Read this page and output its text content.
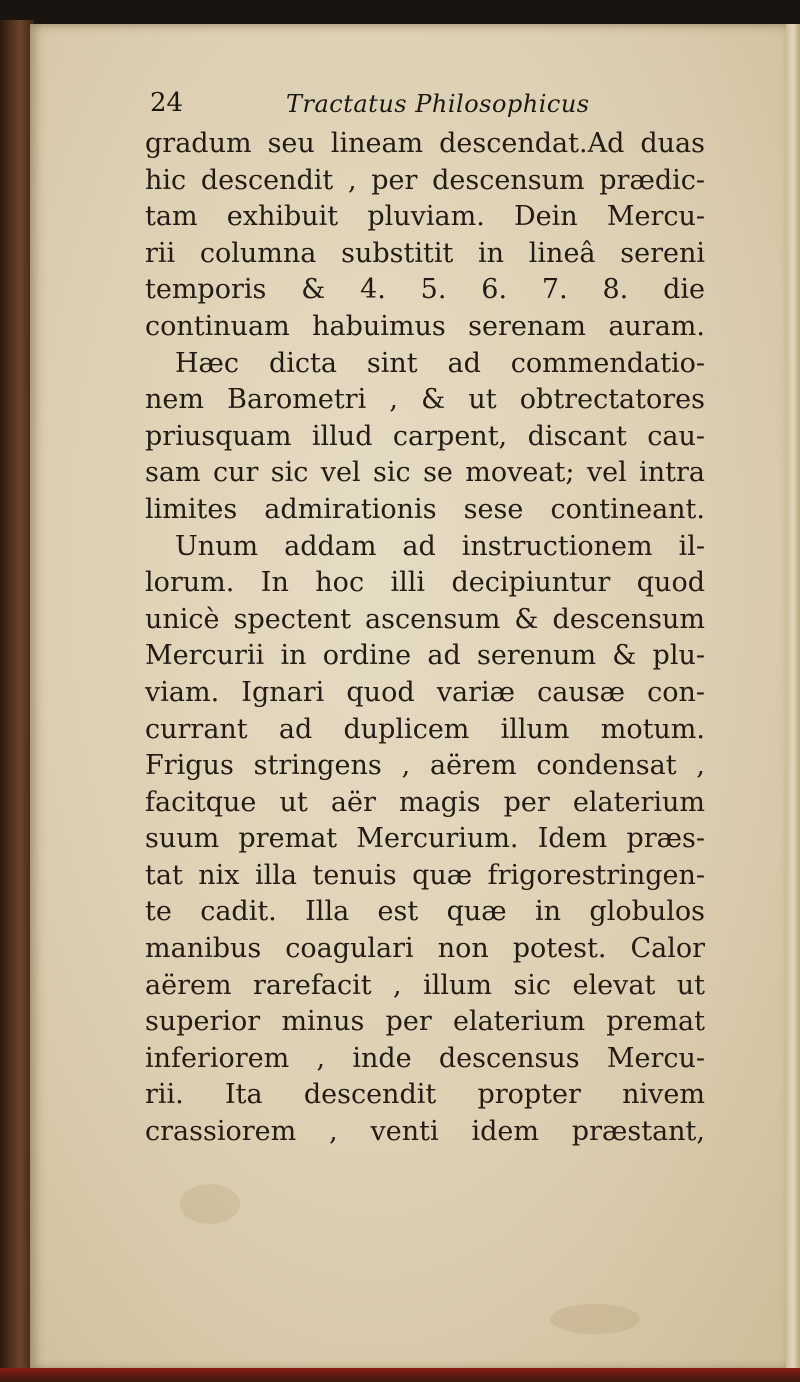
24	Tractatus Philosophicus
gradum seu lineam descendat.Ad duas
hic descendit , per descensum prædic-
tam exhibuit pluviam. Dein Mercu-
rii columna substitit in lineâ sereni
temporis & 4. 5. 6. 7. 8. die
continuam habuimus serenam auram.
Hæc dicta sint ad commendatio-
nem Barometri , & ut obtrectatores
priusquam illud carpent, discant cau-
sam cur sic vel sic se moveat; vel intra
limites admirationis sese contineant.
Unum addam ad instructionem il-
lorum. In hoc illi decipiuntur quod
unicè spectent ascensum & descensum
Mercurii in ordine ad serenum & plu-
viam. Ignari quod variæ causæ con-
currant ad duplicem illum motum.
Frigus stringens , aërem condensat ,
facitque ut aër magis per elaterium
suum premat Mercurium. Idem præs-
tat nix illa tenuis quæ frigorestringen-
te cadit. Illa est quæ in globulos
manibus coagulari non potest. Calor
aërem rarefacit , illum sic elevat ut
superior minus per elaterium premat
inferiorem , inde descensus Mercu-
rii. Ita descendit propter nivem
crassiorem , venti idem præstant,
